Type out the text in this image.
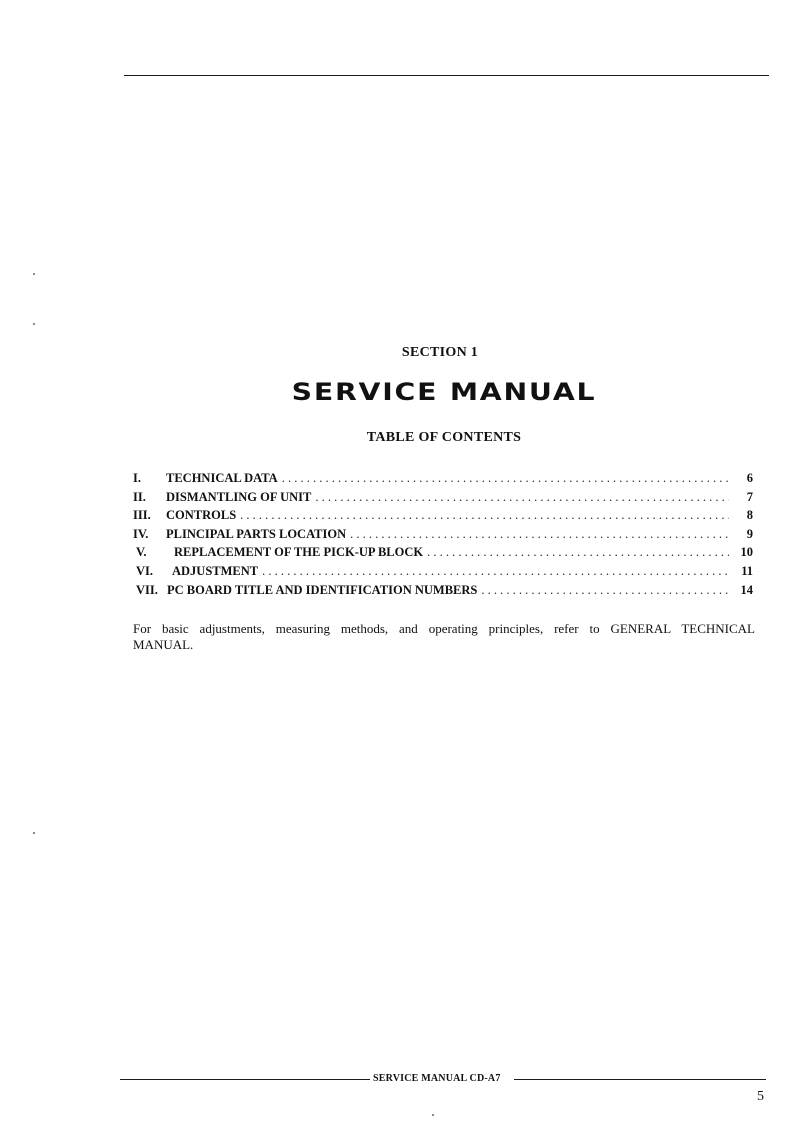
SECTION 1
SERVICE MANUAL
TABLE OF CONTENTS
I.	TECHNICAL DATA . . .	6
II.	DISMANTLING OF UNIT . . .	7
III.	CONTROLS . . .	8
IV.	PLINCIPAL PARTS LOCATION . . .	9
V.	REPLACEMENT OF THE PICK-UP BLOCK . . .	10
VI.	ADJUSTMENT . . .	11
VII. PC BOARD TITLE AND IDENTIFICATION NUMBERS . . .	14

For basic adjustments, measuring methods, and operating principles, refer to GENERAL TECHNICAL MANUAL.

SERVICE MANUAL CD-A7
5
